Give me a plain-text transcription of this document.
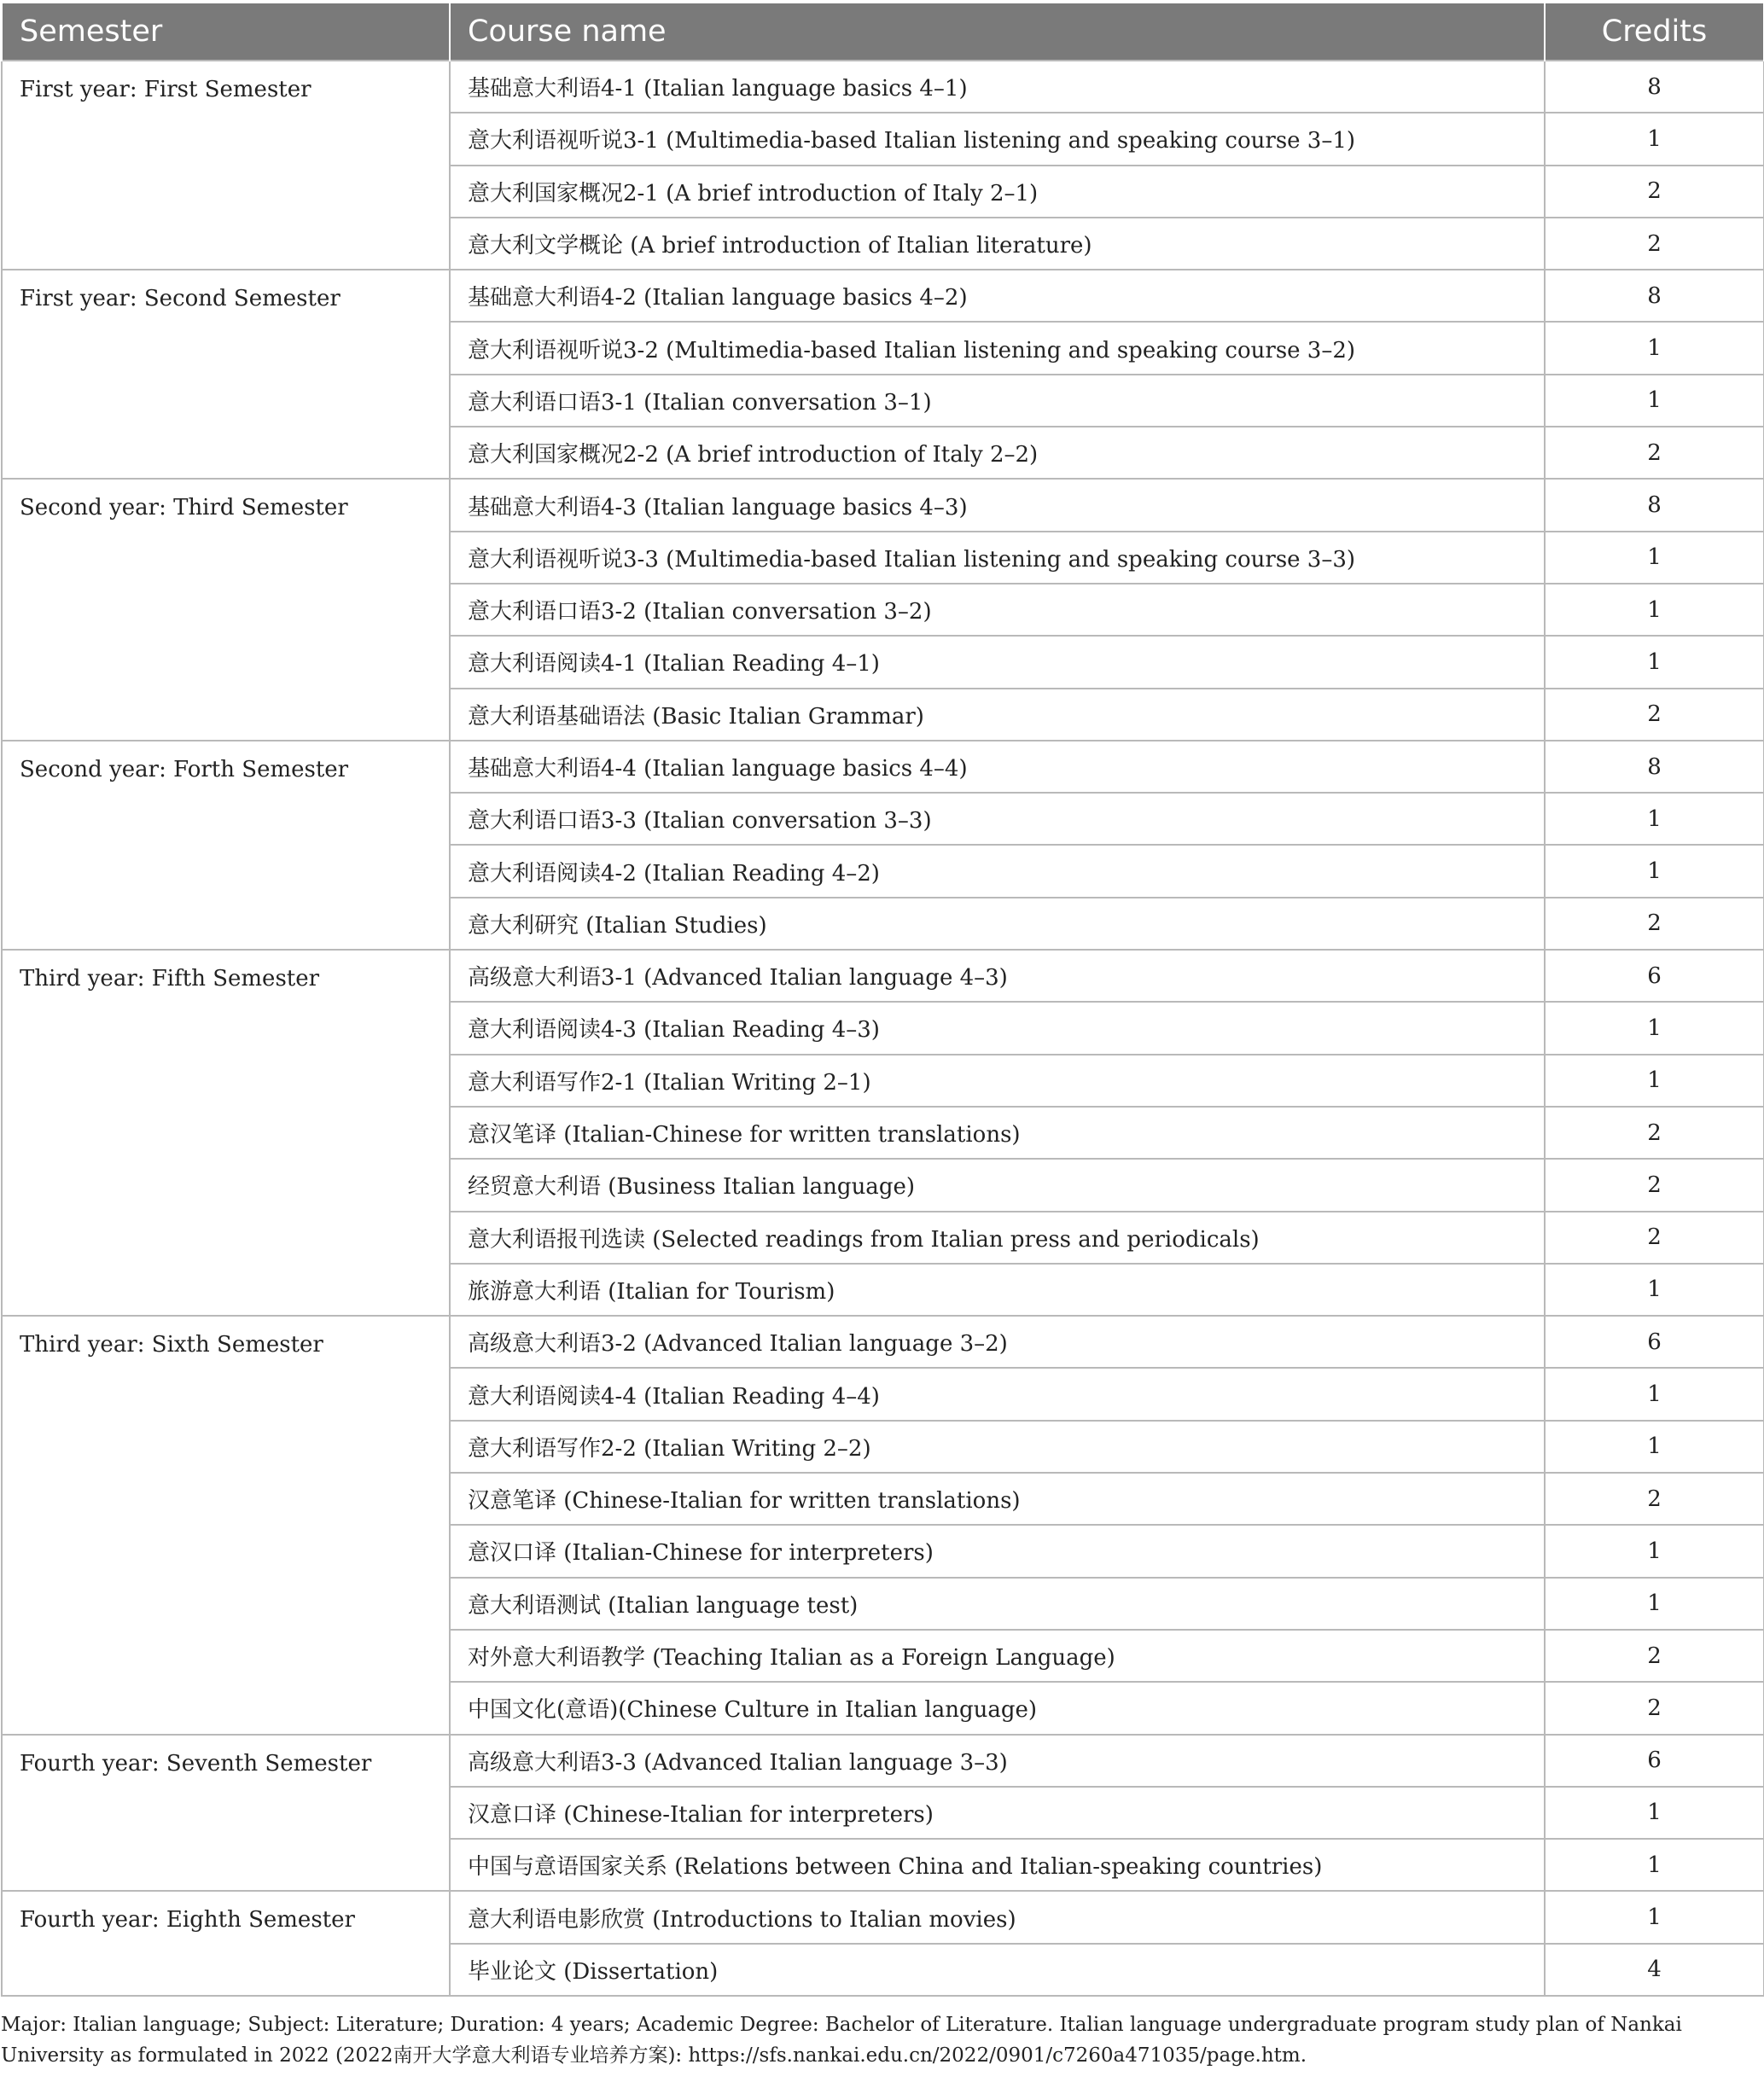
Semester	Course name	Credits
First year: First Semester	基础意大利语4-1 (Italian language basics 4–1)	8
	意大利语视听说3-1 (Multimedia-based Italian listening and speaking course 3–1)	1
	意大利国家概况2-1 (A brief introduction of Italy 2–1)	2
	意大利文学概论 (A brief introduction of Italian literature)	2
First year: Second Semester	基础意大利语4-2 (Italian language basics 4–2)	8
	意大利语视听说3-2 (Multimedia-based Italian listening and speaking course 3–2)	1
	意大利语口语3-1 (Italian conversation 3–1)	1
	意大利国家概况2-2 (A brief introduction of Italy 2–2)	2
Second year: Third Semester	基础意大利语4-3 (Italian language basics 4–3)	8
	意大利语视听说3-3 (Multimedia-based Italian listening and speaking course 3–3)	1
	意大利语口语3-2 (Italian conversation 3–2)	1
	意大利语阅读4-1 (Italian Reading 4–1)	1
	意大利语基础语法 (Basic Italian Grammar)	2
Second year: Forth Semester	基础意大利语4-4 (Italian language basics 4–4)	8
	意大利语口语3-3 (Italian conversation 3–3)	1
	意大利语阅读4-2 (Italian Reading 4–2)	1
	意大利研究 (Italian Studies)	2
Third year: Fifth Semester	高级意大利语3-1 (Advanced Italian language 4–3)	6
	意大利语阅读4-3 (Italian Reading 4–3)	1
	意大利语写作2-1 (Italian Writing 2–1)	1
	意汉笔译 (Italian-Chinese for written translations)	2
	经贸意大利语 (Business Italian language)	2
	意大利语报刊选读 (Selected readings from Italian press and periodicals)	2
	旅游意大利语 (Italian for Tourism)	1
Third year: Sixth Semester	高级意大利语3-2 (Advanced Italian language 3–2)	6
	意大利语阅读4-4 (Italian Reading 4–4)	1
	意大利语写作2-2 (Italian Writing 2–2)	1
	汉意笔译 (Chinese-Italian for written translations)	2
	意汉口译 (Italian-Chinese for interpreters)	1
	意大利语测试 (Italian language test)	1
	对外意大利语教学 (Teaching Italian as a Foreign Language)	2
	中国文化(意语)(Chinese Culture in Italian language)	2
Fourth year: Seventh Semester	高级意大利语3-3 (Advanced Italian language 3–3)	6
	汉意口译 (Chinese-Italian for interpreters)	1
	中国与意语国家关系 (Relations between China and Italian-speaking countries)	1
Fourth year: Eighth Semester	意大利语电影欣赏 (Introductions to Italian movies)	1
	毕业论文 (Dissertation)	4
Major: Italian language; Subject: Literature; Duration: 4 years; Academic Degree: Bachelor of Literature. Italian language undergraduate program study plan of Nankai University as formulated in 2022 (2022南开大学意大利语专业培养方案): https://sfs.nankai.edu.cn/2022/0901/c7260a471035/page.htm.
